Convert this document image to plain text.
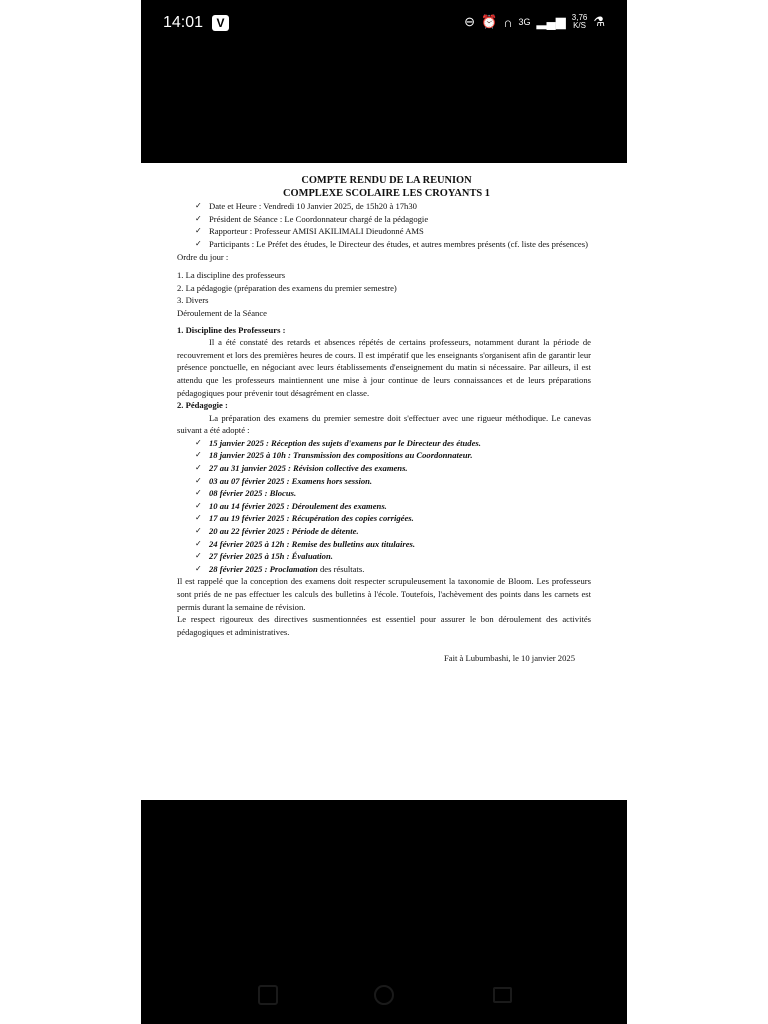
14:01	V	⊖ ⏰ ∩ 3G ▂▄▆ 3,76
K/S ⚗
COMPTE RENDU DE LA REUNION
COMPLEXE SCOLAIRE LES CROYANTS 1
✓ Date et Heure : Vendredi 10 Janvier 2025, de 15h20 à 17h30
✓ Président de Séance : Le Coordonnateur chargé de la pédagogie
✓ Rapporteur : Professeur AMISI AKILIMALI Dieudonné AMS
✓ Participants : Le Préfet des études, le Directeur des études, et autres membres présents (cf. liste des présences)
Ordre du jour :
1. La discipline des professeurs
2. La pédagogie (préparation des examens du premier semestre)
3. Divers
Déroulement de la Séance
1. Discipline des Professeurs :
Il a été constaté des retards et absences répétés de certains professeurs, notamment durant la période de recouvrement et lors des premières heures de cours. Il est impératif que les enseignants s'organisent afin de garantir leur présence ponctuelle, en négociant avec leurs établissements d'enseignement du matin si nécessaire. Par ailleurs, il est attendu que les professeurs maintiennent une mise à jour continue de leurs connaissances et de leurs préparations pédagogiques pour prévenir tout désagrément en classe.
2. Pédagogie :
La préparation des examens du premier semestre doit s'effectuer avec une rigueur méthodique. Le canevas suivant a été adopté :
✓ 15 janvier 2025 : Réception des sujets d'examens par le Directeur des études.
✓ 18 janvier 2025 à 10h : Transmission des compositions au Coordonnateur.
✓ 27 au 31 janvier 2025 : Révision collective des examens.
✓ 03 au 07 février 2025 : Examens hors session.
✓ 08 février 2025 : Blocus.
✓ 10 au 14 février 2025 : Déroulement des examens.
✓ 17 au 19 février 2025 : Récupération des copies corrigées.
✓ 20 au 22 février 2025 : Période de détente.
✓ 24 février 2025 à 12h : Remise des bulletins aux titulaires.
✓ 27 février 2025 à 15h : Évaluation.
✓ 28 février 2025 : Proclamation des résultats.
Il est rappelé que la conception des examens doit respecter scrupuleusement la taxonomie de Bloom. Les professeurs sont priés de ne pas effectuer les calculs des bulletins à l'école. Toutefois, l'achèvement des points dans les carnets est permis durant la semaine de révision.
Le respect rigoureux des directives susmentionnées est essentiel pour assurer le bon déroulement des activités pédagogiques et administratives.
Fait à Lubumbashi, le 10 janvier 2025
